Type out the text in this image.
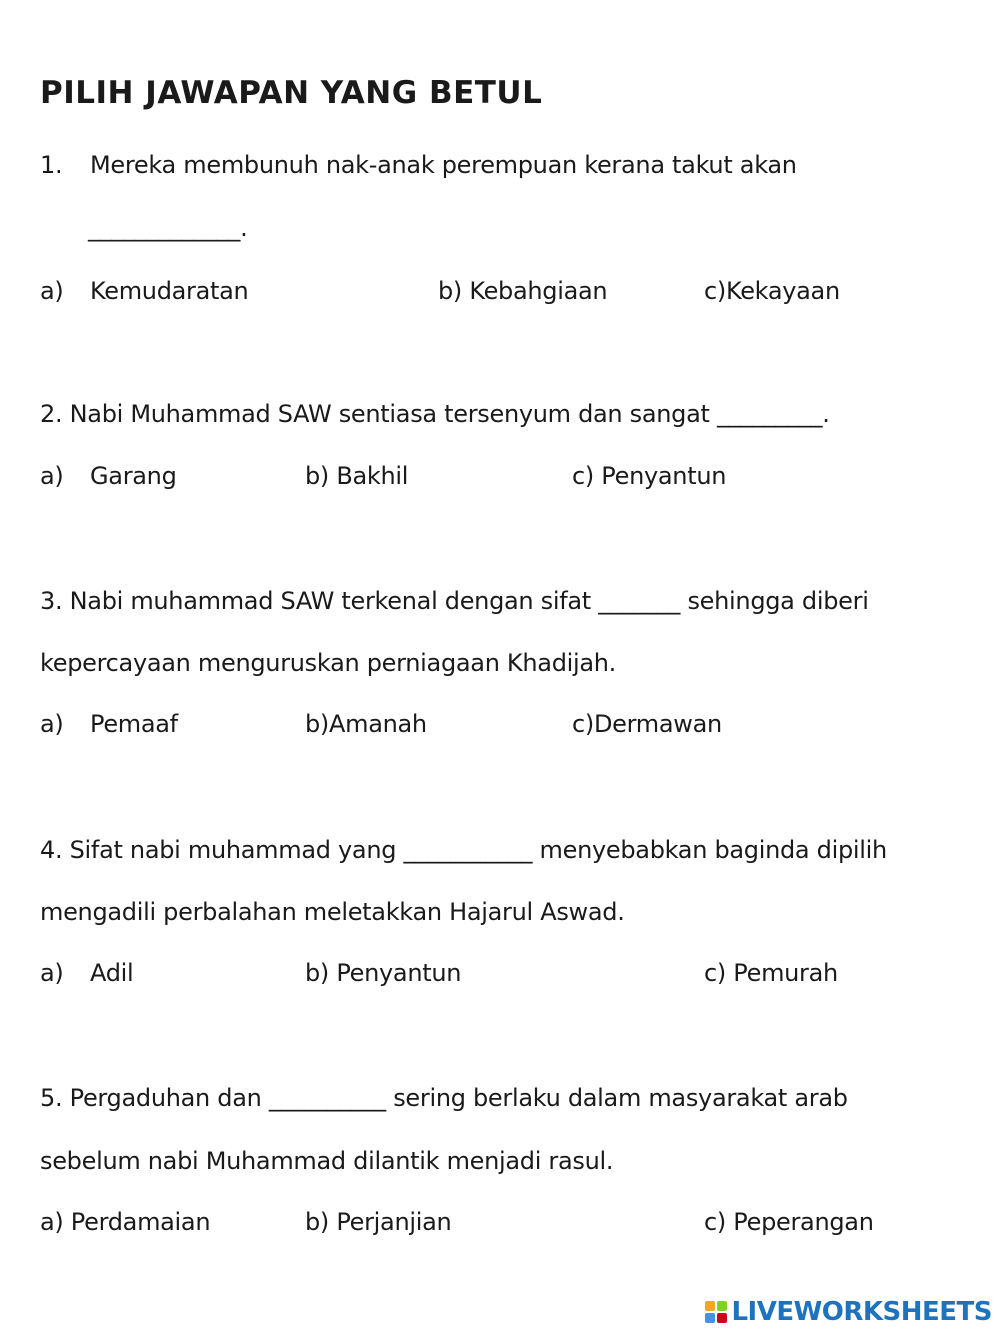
PILIH JAWAPAN YANG BETUL
1. Mereka membunuh nak-anak perempuan kerana takut akan
_____________.
a) Kemudaratan	b) Kebahgiaan	c)Kekayaan
2. Nabi Muhammad SAW sentiasa tersenyum dan sangat _________.
a) Garang	b) Bakhil	c) Penyantun
3. Nabi muhammad SAW terkenal dengan sifat _______ sehingga diberi
kepercayaan menguruskan perniagaan Khadijah.
a) Pemaaf	b)Amanah	c)Dermawan
4. Sifat nabi muhammad yang ___________ menyebabkan baginda dipilih
mengadili perbalahan meletakkan Hajarul Aswad.
a) Adil	b) Penyantun	c) Pemurah
5. Pergaduhan dan __________ sering berlaku dalam masyarakat arab
sebelum nabi Muhammad dilantik menjadi rasul.
a) Perdamaian	b) Perjanjian	c) Peperangan
LIVEWORKSHEETS
